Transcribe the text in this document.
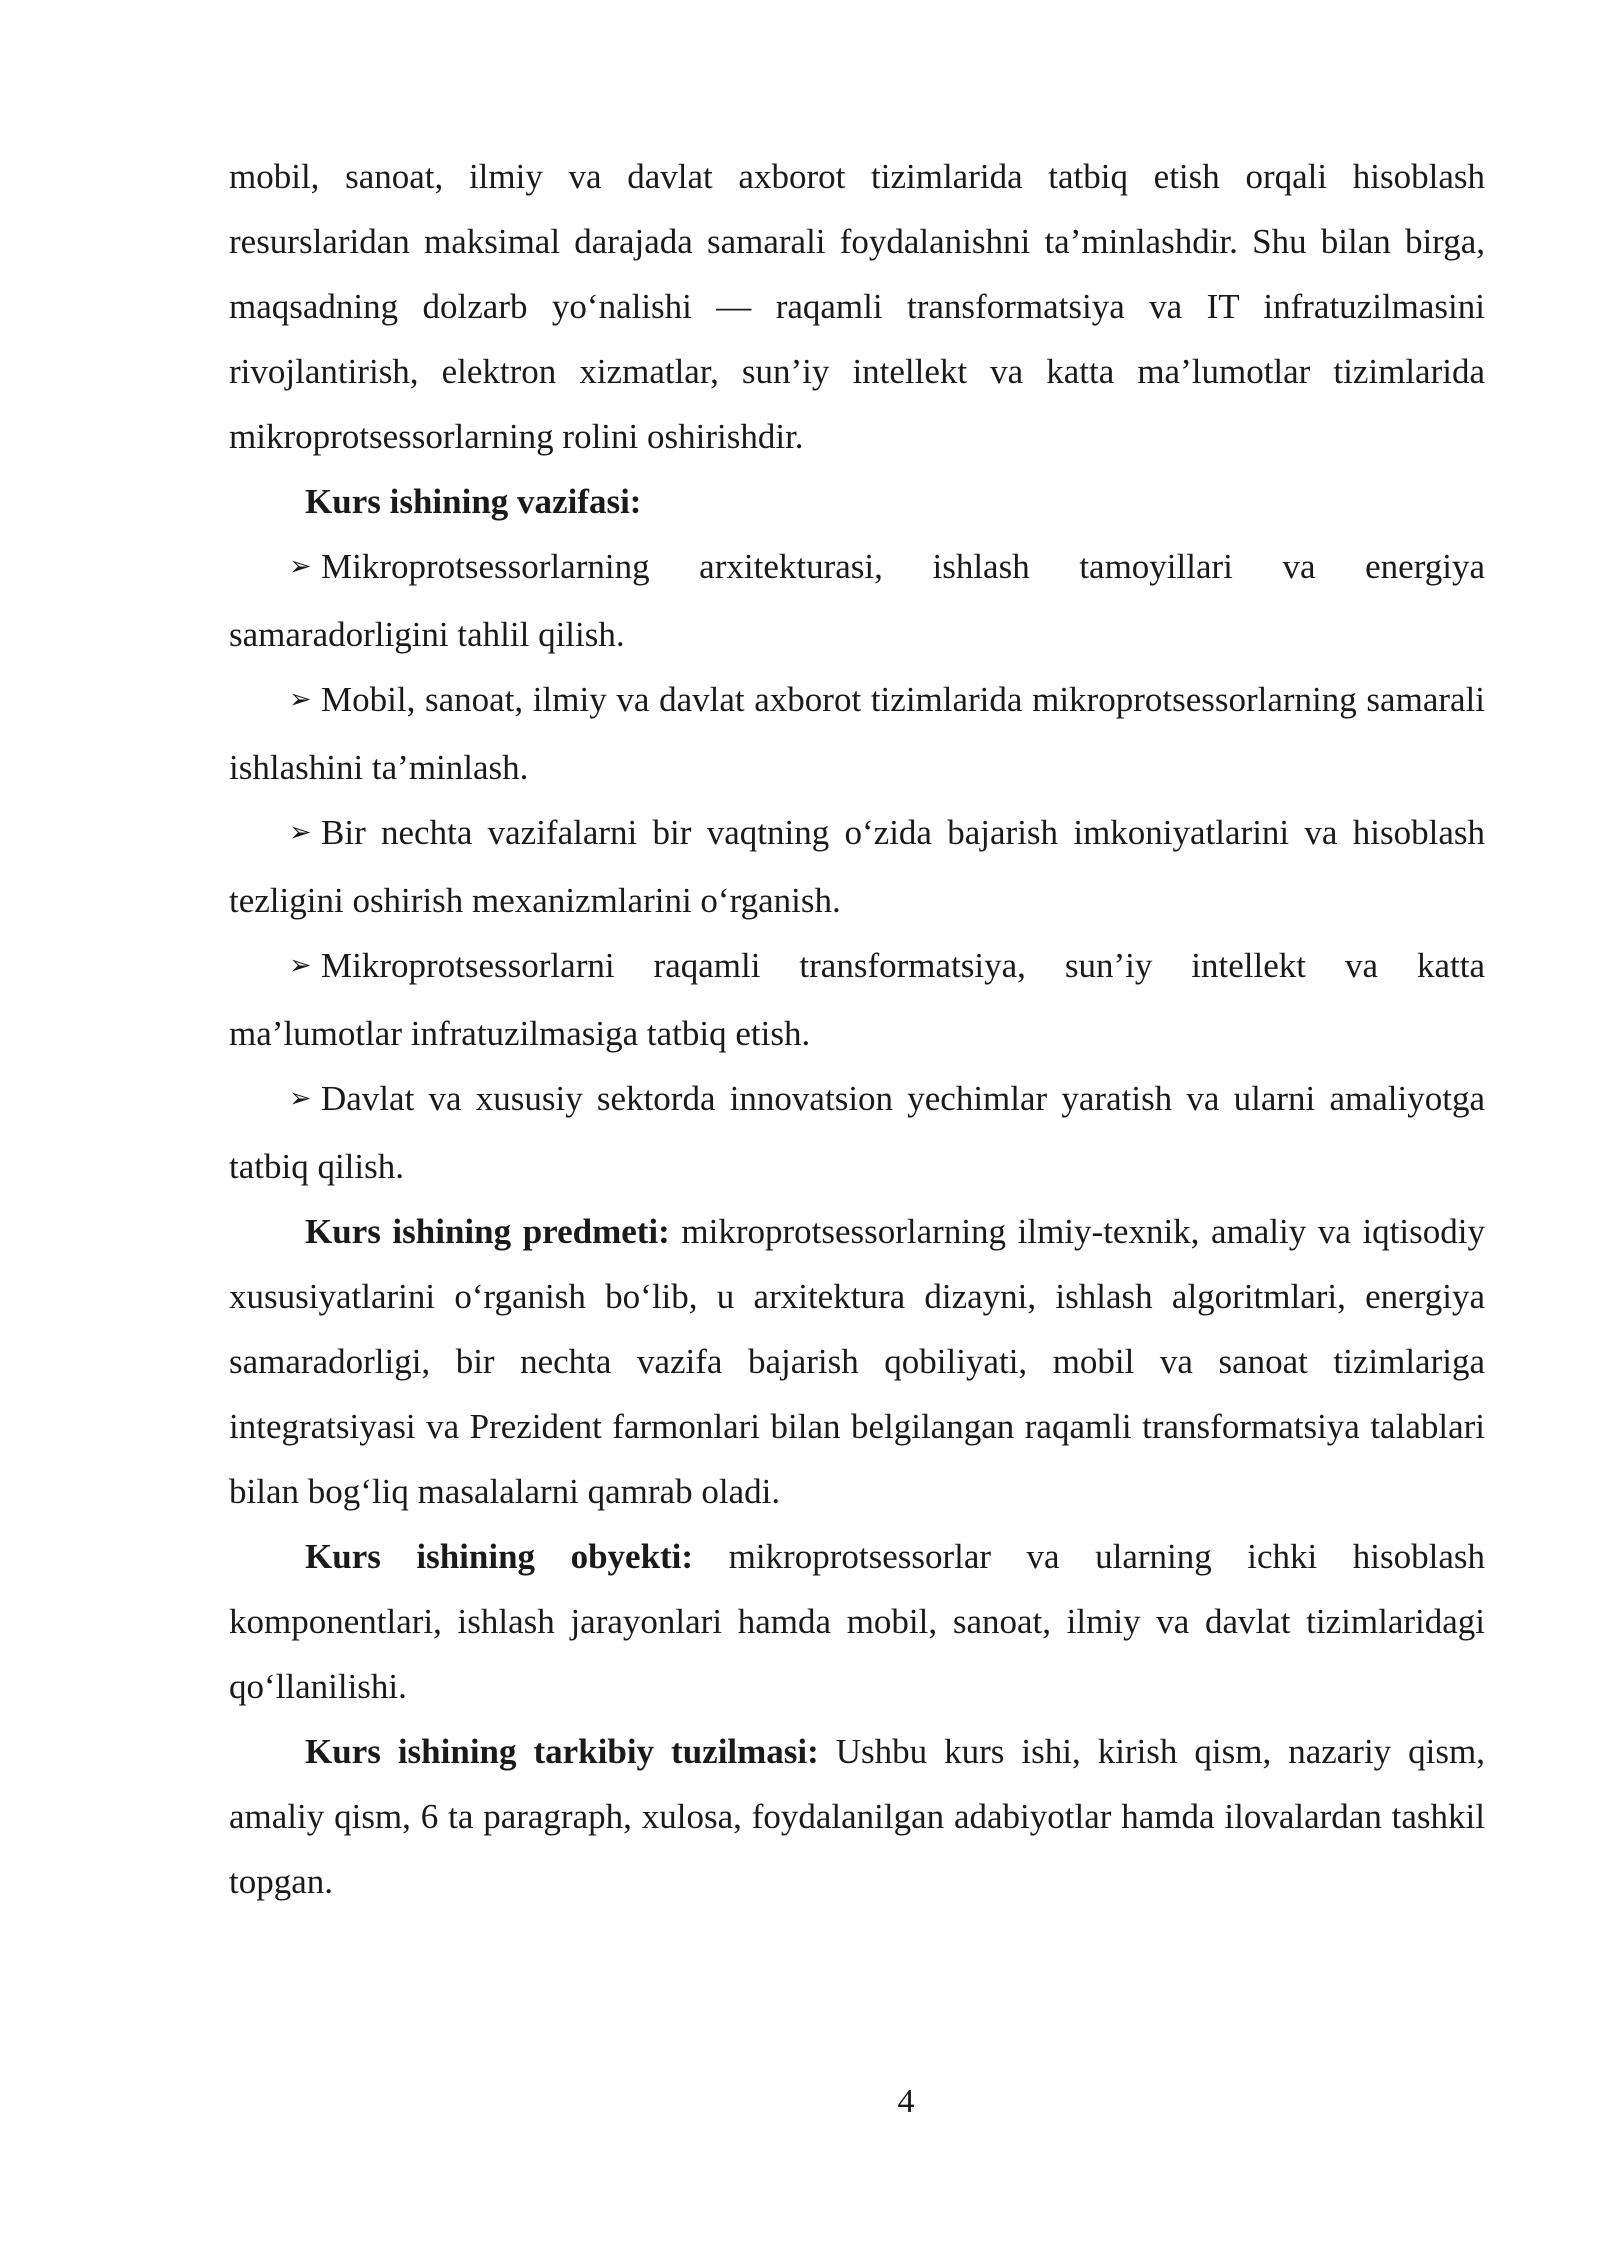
mobil, sanoat, ilmiy va davlat axborot tizimlarida tatbiq etish orqali hisoblash resurslaridan maksimal darajada samarali foydalanishni ta’minlashdir. Shu bilan birga, maqsadning dolzarb yo‘nalishi — raqamli transformatsiya va IT infratuzilmasini rivojlantirish, elektron xizmatlar, sun’iy intellekt va katta ma’lumotlar tizimlarida mikroprotsessorlarning rolini oshirishdir.

Kurs ishining vazifasi:

➢ Mikroprotsessorlarning arxitekturasi, ishlash tamoyillari va energiya samaradorligini tahlil qilish.

➢ Mobil, sanoat, ilmiy va davlat axborot tizimlarida mikroprotsessorlarning samarali ishlashini ta’minlash.

➢ Bir nechta vazifalarni bir vaqtning o‘zida bajarish imkoniyatlarini va hisoblash tezligini oshirish mexanizmlarini o‘rganish.

➢ Mikroprotsessorlarni raqamli transformatsiya, sun’iy intellekt va katta ma’lumotlar infratuzilmasiga tatbiq etish.

➢ Davlat va xususiy sektorda innovatsion yechimlar yaratish va ularni amaliyotga tatbiq qilish.

Kurs ishining predmeti: mikroprotsessorlarning ilmiy-texnik, amaliy va iqtisodiy xususiyatlarini o‘rganish bo‘lib, u arxitektura dizayni, ishlash algoritmlari, energiya samaradorligi, bir nechta vazifa bajarish qobiliyati, mobil va sanoat tizimlariga integratsiyasi va Prezident farmonlari bilan belgilangan raqamli transformatsiya talablari bilan bog‘liq masalalarni qamrab oladi.

Kurs ishining obyekti: mikroprotsessorlar va ularning ichki hisoblash komponentlari, ishlash jarayonlari hamda mobil, sanoat, ilmiy va davlat tizimlaridagi qo‘llanilishi.

Kurs ishining tarkibiy tuzilmasi: Ushbu kurs ishi, kirish qism, nazariy qism, amaliy qism, 6 ta paragraph, xulosa, foydalanilgan adabiyotlar hamda ilovalardan tashkil topgan.

4
